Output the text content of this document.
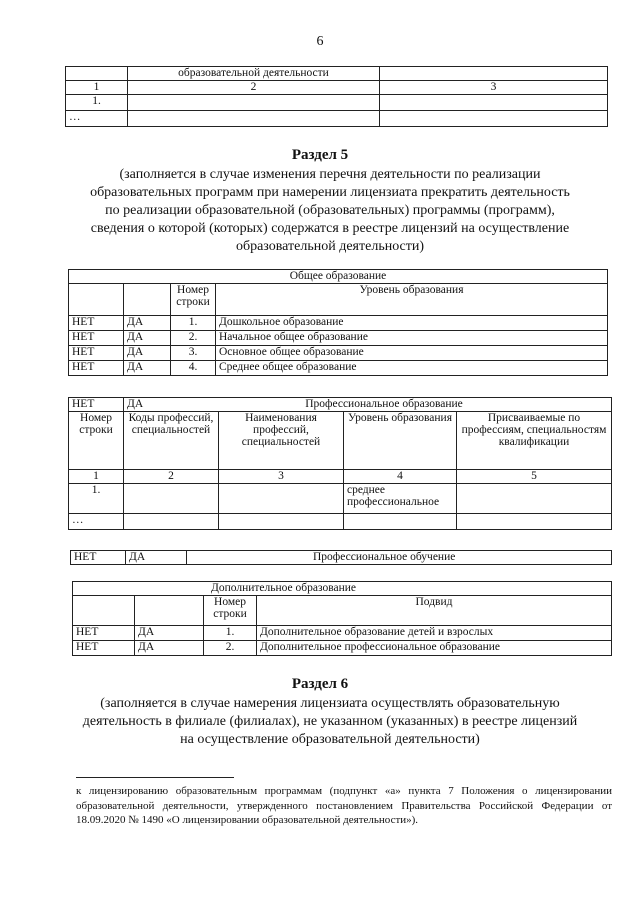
6
	образовательной деятельности	
1	2	3
1.		
…		
Раздел 5
(заполняется в случае изменения перечня деятельности по реализации
образовательных программ при намерении лицензиата прекратить деятельность
по реализации образовательной (образовательных) программы (программ),
сведения о которой (которых) содержатся в реестре лицензий на осуществление
образовательной деятельности)
Общее образование			
		Номер строки	Уровень образования
НЕТ	ДА	1.	Дошкольное образование
НЕТ	ДА	2.	Начальное общее образование
НЕТ	ДА	3.	Основное общее образование
НЕТ	ДА	4.	Среднее общее образование
НЕТ	ДА Профессиональное образование			

Номер строки	Коды профессий, специальностей	Наименования профессий, специальностей	Уровень образования	Присваиваемые по профессиям, специальностям квалификации
1	2	3	4	5
1.			среднее профессиональное	
…				
НЕТ	ДА	Профессиональное обучение
Дополнительное образование			
		Номер строки	Подвид
НЕТ	ДА	1.	Дополнительное образование детей и взрослых
НЕТ	ДА	2.	Дополнительное профессиональное образование
Раздел 6
(заполняется в случае намерения лицензиата осуществлять образовательную
деятельность в филиале (филиалах), не указанном (указанных) в реестре лицензий
на осуществление образовательной деятельности)
к лицензированию образовательным программам (подпункт «а» пункта 7 Положения о лицензировании образовательной деятельности, утвержденного постановлением Правительства Российской Федерации от 18.09.2020 № 1490 «О лицензировании образовательной деятельности»).
